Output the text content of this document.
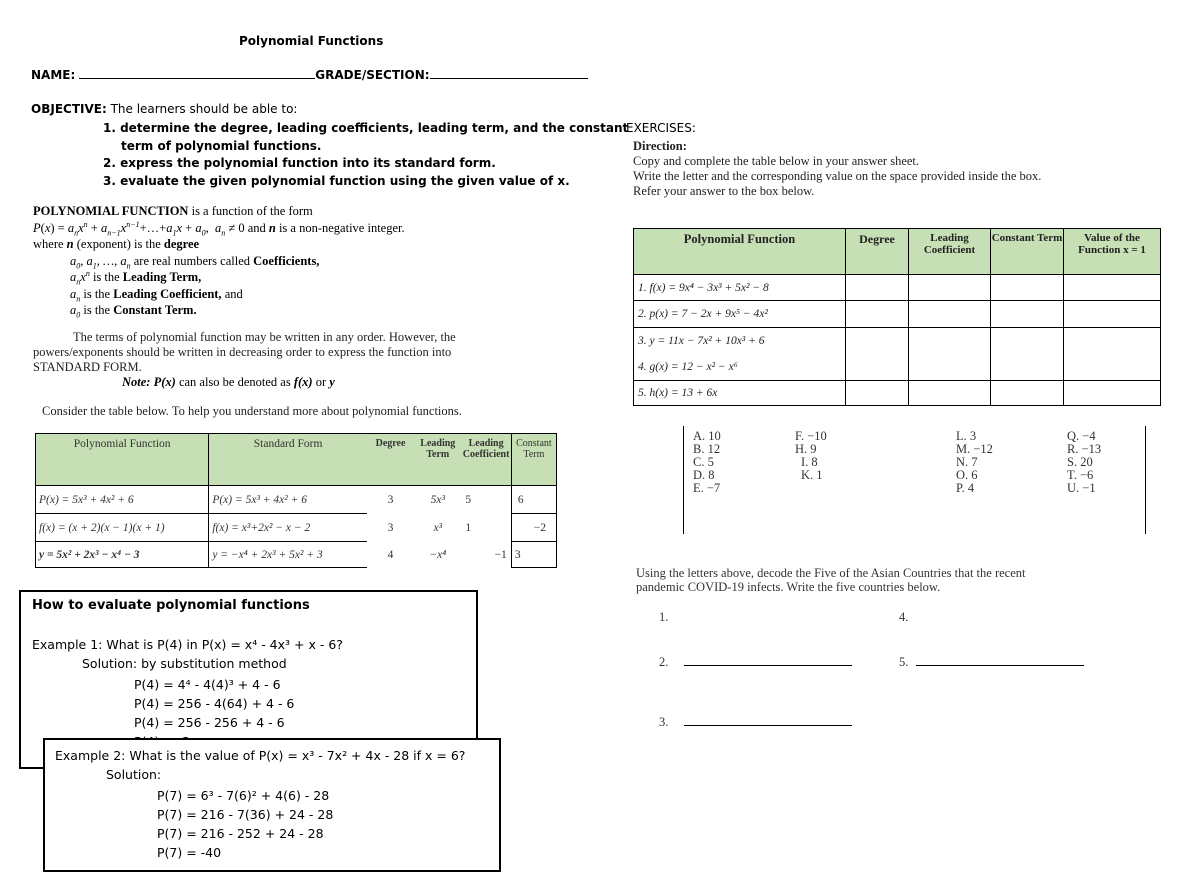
Polynomial Functions
NAME:	GRADE/SECTION:
OBJECTIVE: The learners should be able to:
1. determine the degree, leading coefficients, leading term, and the constant
term of polynomial functions.
2. express the polynomial function into its standard form.
3. evaluate the given polynomial function using the given value of x.
POLYNOMIAL FUNCTION is a function of the form
$P(x) = a_nx^n$ + $a_{n-1}x^{n-1}+\dots+a_1x + a_0$,  $a_n \ne 0$ and n is a non-negative integer.
where n (exponent) is the degree
$a_0$, $a_1$, …, $a_n$ are real numbers called Coefficients,
$a_nx^n$ is the Leading Term,
$a_n$ is the Leading Coefficient, and
$a_0$ is the Constant Term.
The terms of polynomial function may be written in any order. However, the
powers/exponents should be written in decreasing order to express the function into
STANDARD FORM.
Note: P(x) can also be denoted as f(x) or y
Consider the table below. To help you understand more about polynomial functions.
Polynomial Function	Standard Form	Degree	Leading Term	Leading Coefficient	Constant Term
P(x) = 5x³ + 4x² + 6	P(x) = 5x³ + 4x² + 6	3	5x³	5	6
f(x) = (x + 2)(x − 1)(x + 1)	f(x) = x³+2x² − x − 2	3	x³	1	−2
y = 5x² + 2x³ − x⁴ − 3	y = −x⁴ + 2x³ + 5x² + 3	4	−x⁴	−1	3
How to evaluate polynomial functions
Example 1: What is P(4) in P(x) = x⁴ - 4x³ + x - 6?
Solution: by substitution method
P(4) = 4⁴ - 4(4)³ + 4 - 6
P(4) = 256 - 4(64) + 4 - 6
P(4) = 256 - 256 + 4 - 6
Example 2: What is the value of P(x) = x³ - 7x² + 4x - 28 if x = 6?
Solution:
P(7) = 6³ - 7(6)² + 4(6) - 28
P(7) = 216 - 7(36) + 24 - 28
P(7) = 216 - 252 + 24 - 28
P(7) = -40
EXERCISES:
Direction:
Copy and complete the table below in your answer sheet.
Write the letter and the corresponding value on the space provided inside the box.
Refer your answer to the box below.
Polynomial Function	Degree	Leading Coefficient	Constant Term	Value of the Function x = 1
1. f(x) = 9x⁴ − 3x³ + 5x² − 8				
2. p(x) = 7 − 2x + 9x⁵ − 4x²				
3. y = 11x − 7x² + 10x³ + 6				
4. g(x) = 12 − x² − x⁶				
5. h(x) = 13 + 6x				
A. 10
B. 12
C. 5
D. 8
E. −7
F. −10
H. 9
I. 8
K. 1
L. 3
M. −12
N. 7
O. 6
P. 4
Q. −4
R. −13
S. 20
T. −6
U. −1
Using the letters above, decode the Five of the Asian Countries that the recent
pandemic COVID-19 infects. Write the five countries below.
1.	4.
2.	5.
3.
